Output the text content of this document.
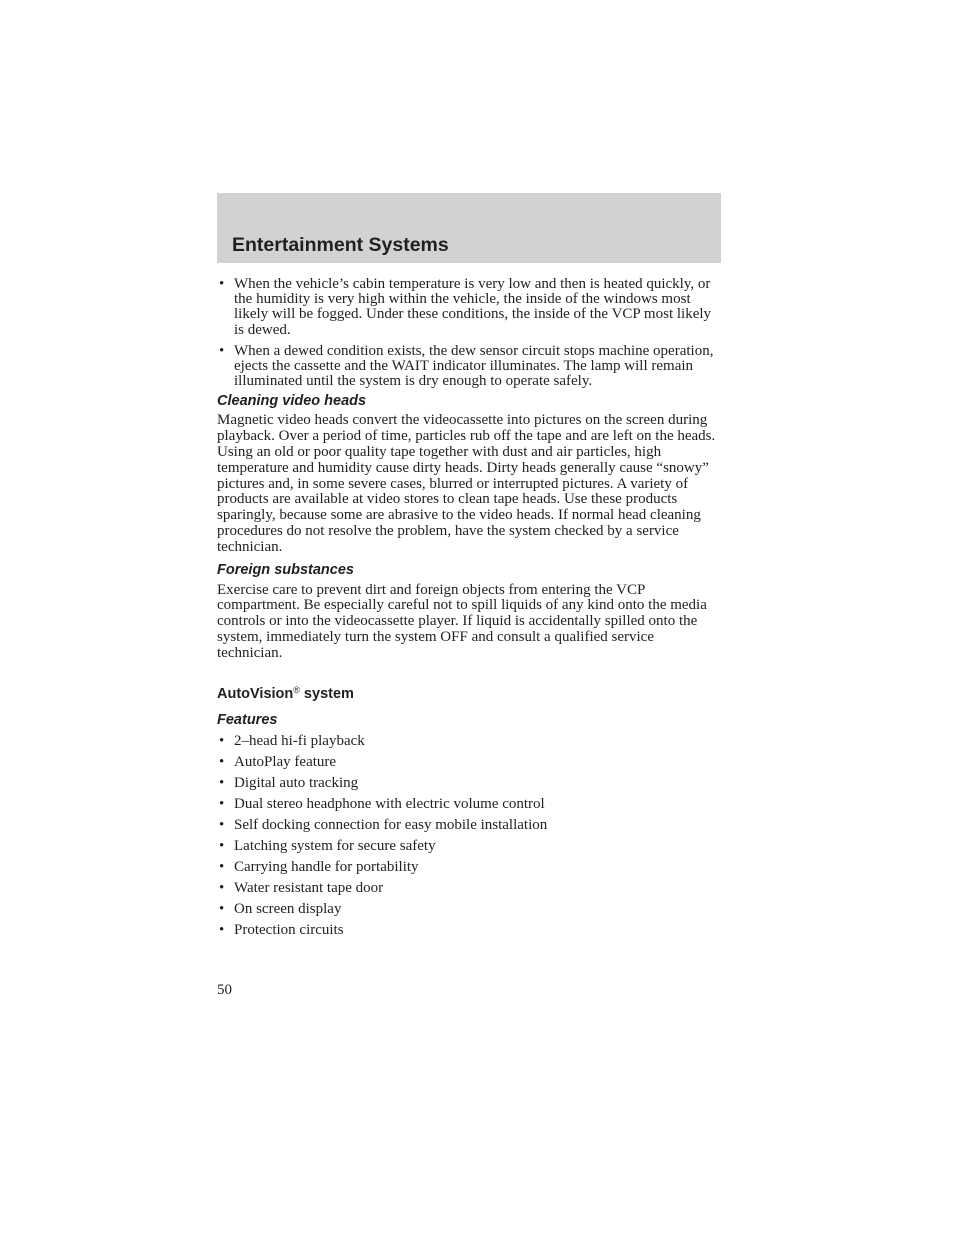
Entertainment Systems
• When the vehicle’s cabin temperature is very low and then is heated quickly, or the humidity is very high within the vehicle, the inside of the windows most likely will be fogged. Under these conditions, the inside of the VCP most likely is dewed.
• When a dewed condition exists, the dew sensor circuit stops machine operation, ejects the cassette and the WAIT indicator illuminates. The lamp will remain illuminated until the system is dry enough to operate safely.
Cleaning video heads

Magnetic video heads convert the videocassette into pictures on the screen during playback. Over a period of time, particles rub off the tape and are left on the heads. Using an old or poor quality tape together with dust and air particles, high temperature and humidity cause dirty heads. Dirty heads generally cause “snowy” pictures and, in some severe cases, blurred or interrupted pictures. A variety of products are available at video stores to clean tape heads. Use these products sparingly, because some are abrasive to the video heads. If normal head cleaning procedures do not resolve the problem, have the system checked by a service technician.

Foreign substances

Exercise care to prevent dirt and foreign objects from entering the VCP compartment. Be especially careful not to spill liquids of any kind onto the media controls or into the videocassette player. If liquid is accidentally spilled onto the system, immediately turn the system OFF and consult a qualified service technician.

AutoVision® system
Features
• 2–head hi-fi playback
• AutoPlay feature
• Digital auto tracking
• Dual stereo headphone with electric volume control
• Self docking connection for easy mobile installation
• Latching system for secure safety
• Carrying handle for portability
• Water resistant tape door
• On screen display
• Protection circuits
50
